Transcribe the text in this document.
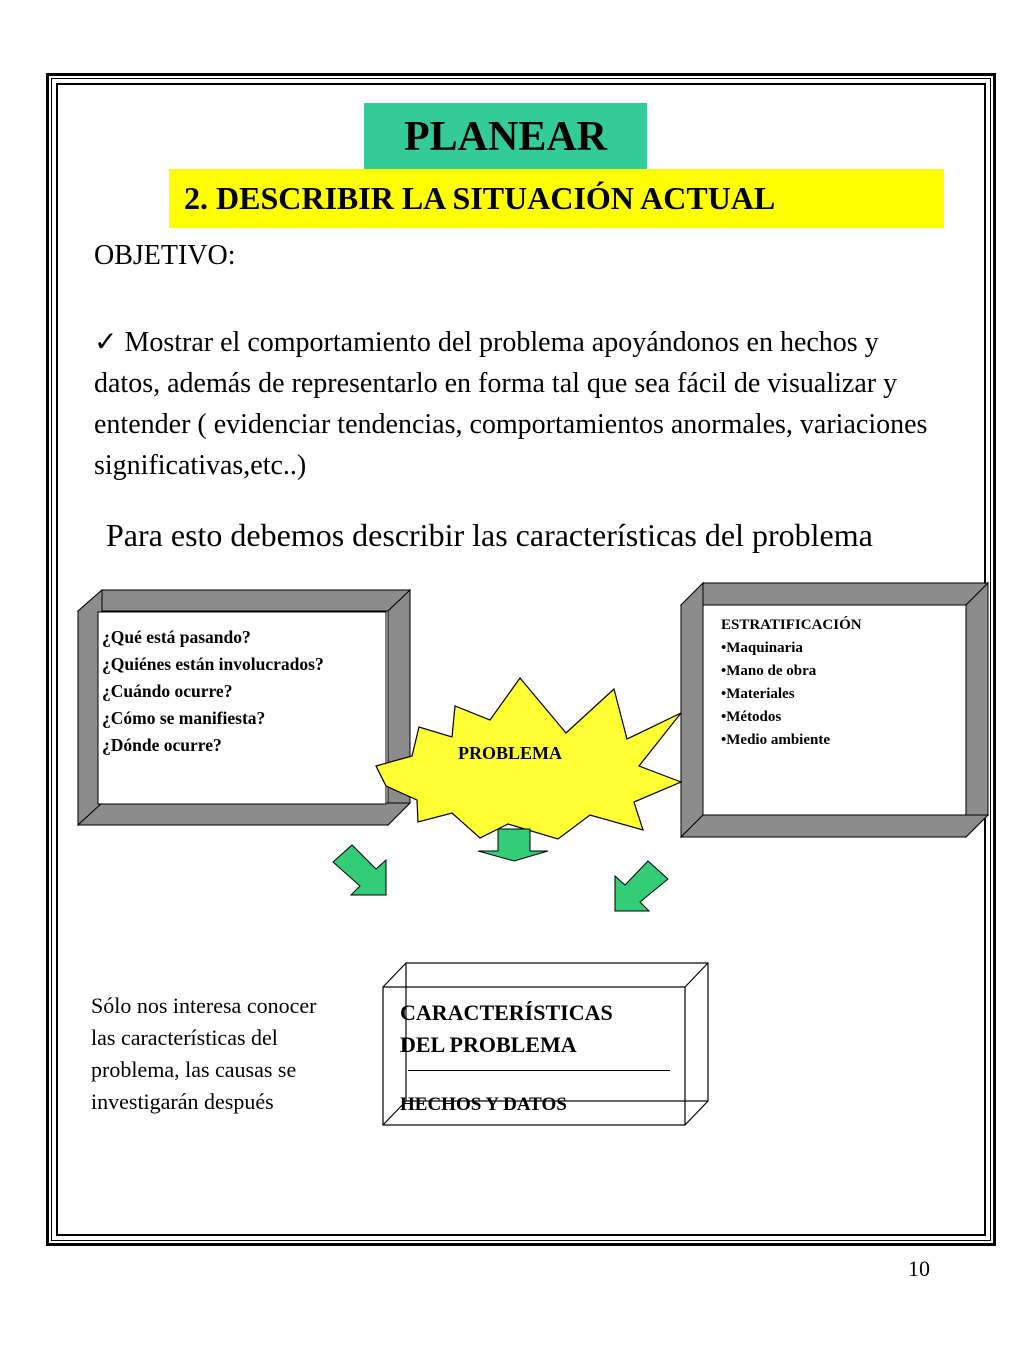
PLANEAR
2. DESCRIBIR LA SITUACIÓN ACTUAL
OBJETIVO:
✓ Mostrar el comportamiento del problema apoyándonos en hechos y datos, además de representarlo en forma tal que sea fácil de visualizar y entender ( evidenciar tendencias, comportamientos anormales, variaciones significativas,etc..)
Para esto debemos describir las características del problema
¿Qué está pasando?
¿Quiénes están involucrados?
¿Cuándo ocurre?
¿Cómo se manifiesta?
¿Dónde ocurre?
ESTRATIFICACIÓN
•Maquinaria
•Mano de obra
•Materiales
•Métodos
•Medio ambiente
PROBLEMA
CARACTERÍSTICAS
DEL PROBLEMA
HECHOS Y DATOS
Sólo nos interesa conocer las características del problema, las causas se investigarán después
10
